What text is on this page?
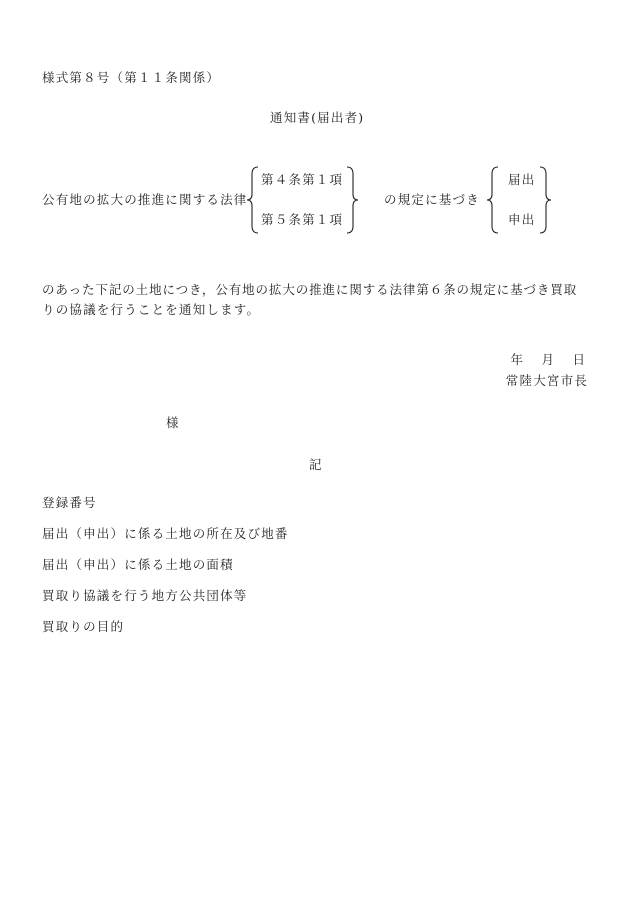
様式第８号（第１１条関係）
通知書(届出者)
公有地の拡大の推進に関する法律
第４条第１項
第５条第１項
の規定に基づき
届出
申出
のあった下記の土地につき，公有地の拡大の推進に関する法律第６条の規定に基づき買取
りの協議を行うことを通知します。
年　月　日
常陸大宮市長
様
記
登録番号
届出（申出）に係る土地の所在及び地番
届出（申出）に係る土地の面積
買取り協議を行う地方公共団体等
買取りの目的
